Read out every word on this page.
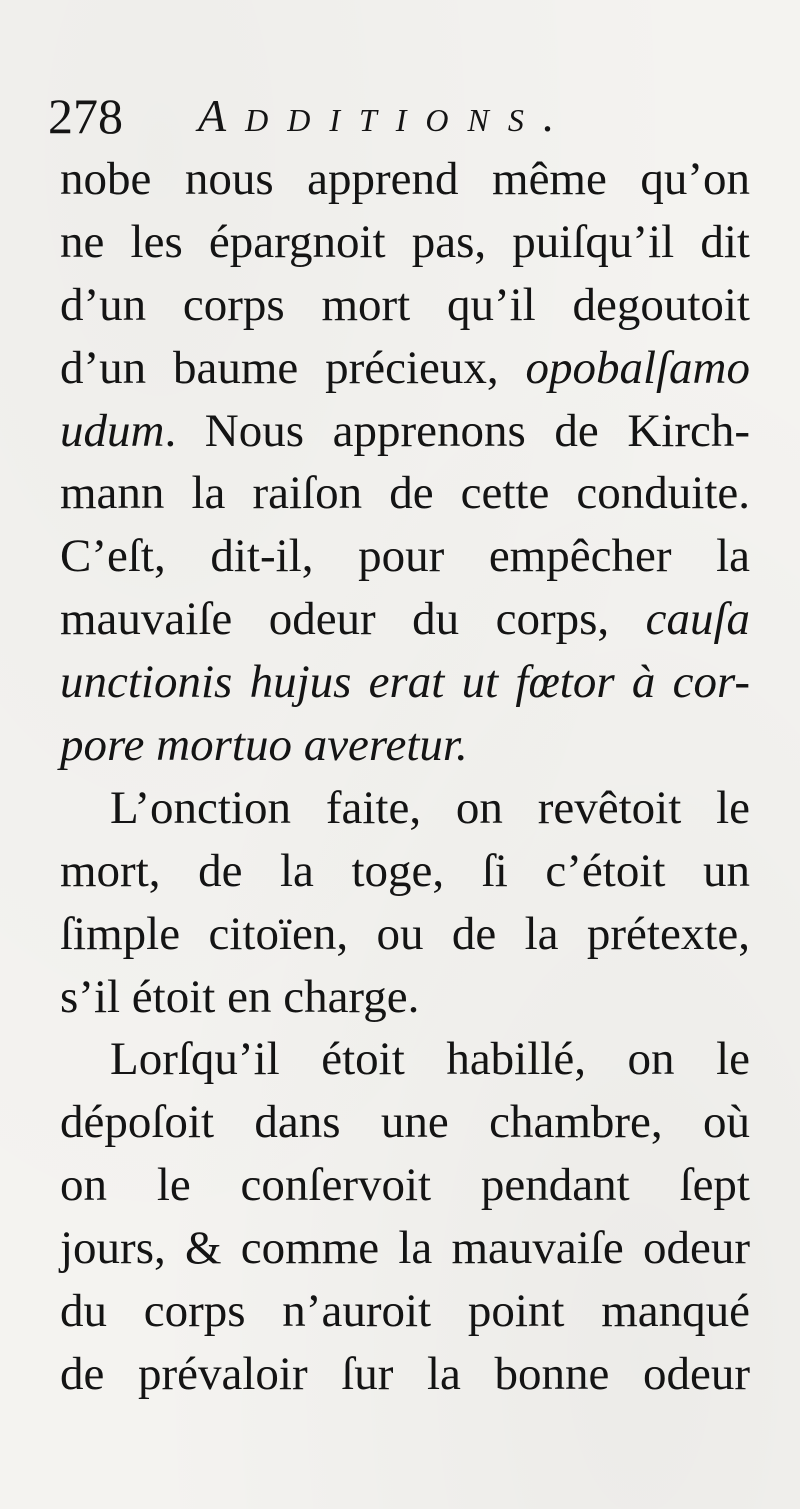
278 Additions.
nobe nous apprend même qu’on
ne les épargnoit pas, puiſqu’il dit
d’un corps mort qu’il degoutoit
d’un baume précieux, opobalſamo
udum. Nous apprenons de Kirch-
mann la raiſon de cette conduite.
C’eſt, dit-il, pour empêcher la
mauvaiſe odeur du corps, cauſa
unctionis hujus erat ut fœtor à cor-
pore mortuo averetur.
L’onction faite, on revêtoit le
mort, de la toge, ſi c’étoit un
ſimple citoïen, ou de la prétexte,
s’il étoit en charge.
Lorſqu’il étoit habillé, on le
dépoſoit dans une chambre, où
on le conſervoit pendant ſept
jours, & comme la mauvaiſe odeur
du corps n’auroit point manqué
de prévaloir ſur la bonne odeur
